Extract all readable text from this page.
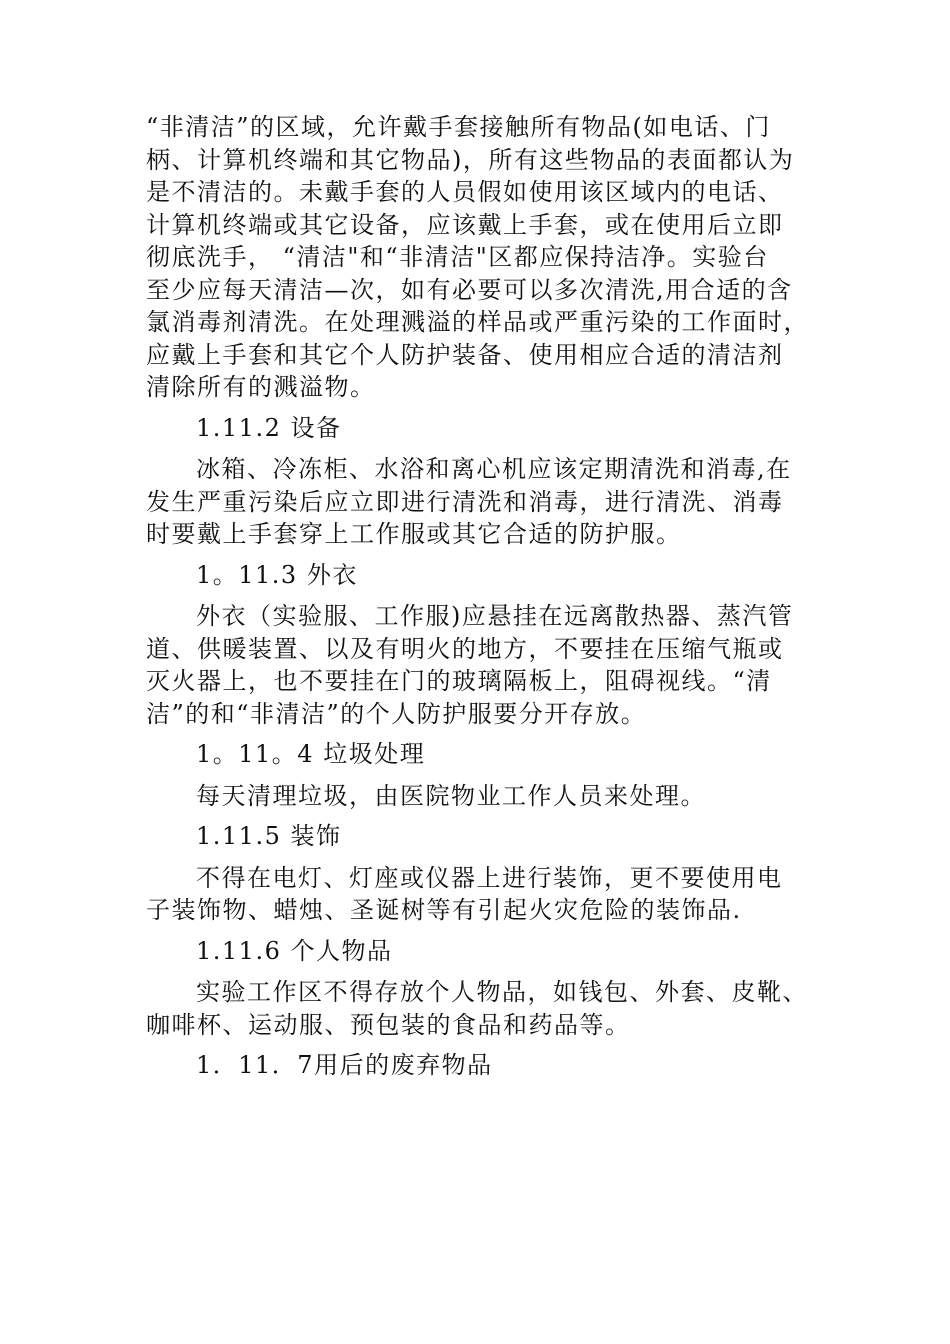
“非清洁”的区域，允许戴手套接触所有物品(如电话、门
柄、计算机终端和其它物品)，所有这些物品的表面都认为
是不清洁的。未戴手套的人员假如使用该区域内的电话、
计算机终端或其它设备，应该戴上手套，或在使用后立即
彻底洗手， “清洁"和“非清洁"区都应保持洁净。实验台
至少应每天清洁—次，如有必要可以多次清洗,用合适的含
氯消毒剂清洗。在处理溅溢的样品或严重污染的工作面时，
应戴上手套和其它个人防护装备、使用相应合适的清洁剂
清除所有的溅溢物。

1.11.2 设备

冰箱、冷冻柜、水浴和离心机应该定期清洗和消毒,在
发生严重污染后应立即进行清洗和消毒，进行清洗、消毒
时要戴上手套穿上工作服或其它合适的防护服。

1。11.3 外衣

外衣（实验服、工作服)应悬挂在远离散热器、蒸汽管
道、供暖装置、以及有明火的地方，不要挂在压缩气瓶或
灭火器上，也不要挂在门的玻璃隔板上，阻碍视线。“清
洁”的和“非清洁”的个人防护服要分开存放。

1。11。4 垃圾处理

每天清理垃圾，由医院物业工作人员来处理。

1.11.5 装饰

不得在电灯、灯座或仪器上进行装饰，更不要使用电
子装饰物、蜡烛、圣诞树等有引起火灾危险的装饰品.

1.11.6 个人物品

实验工作区不得存放个人物品，如钱包、外套、皮靴、
咖啡杯、运动服、预包装的食品和药品等。

1．11．7用后的废弃物品
